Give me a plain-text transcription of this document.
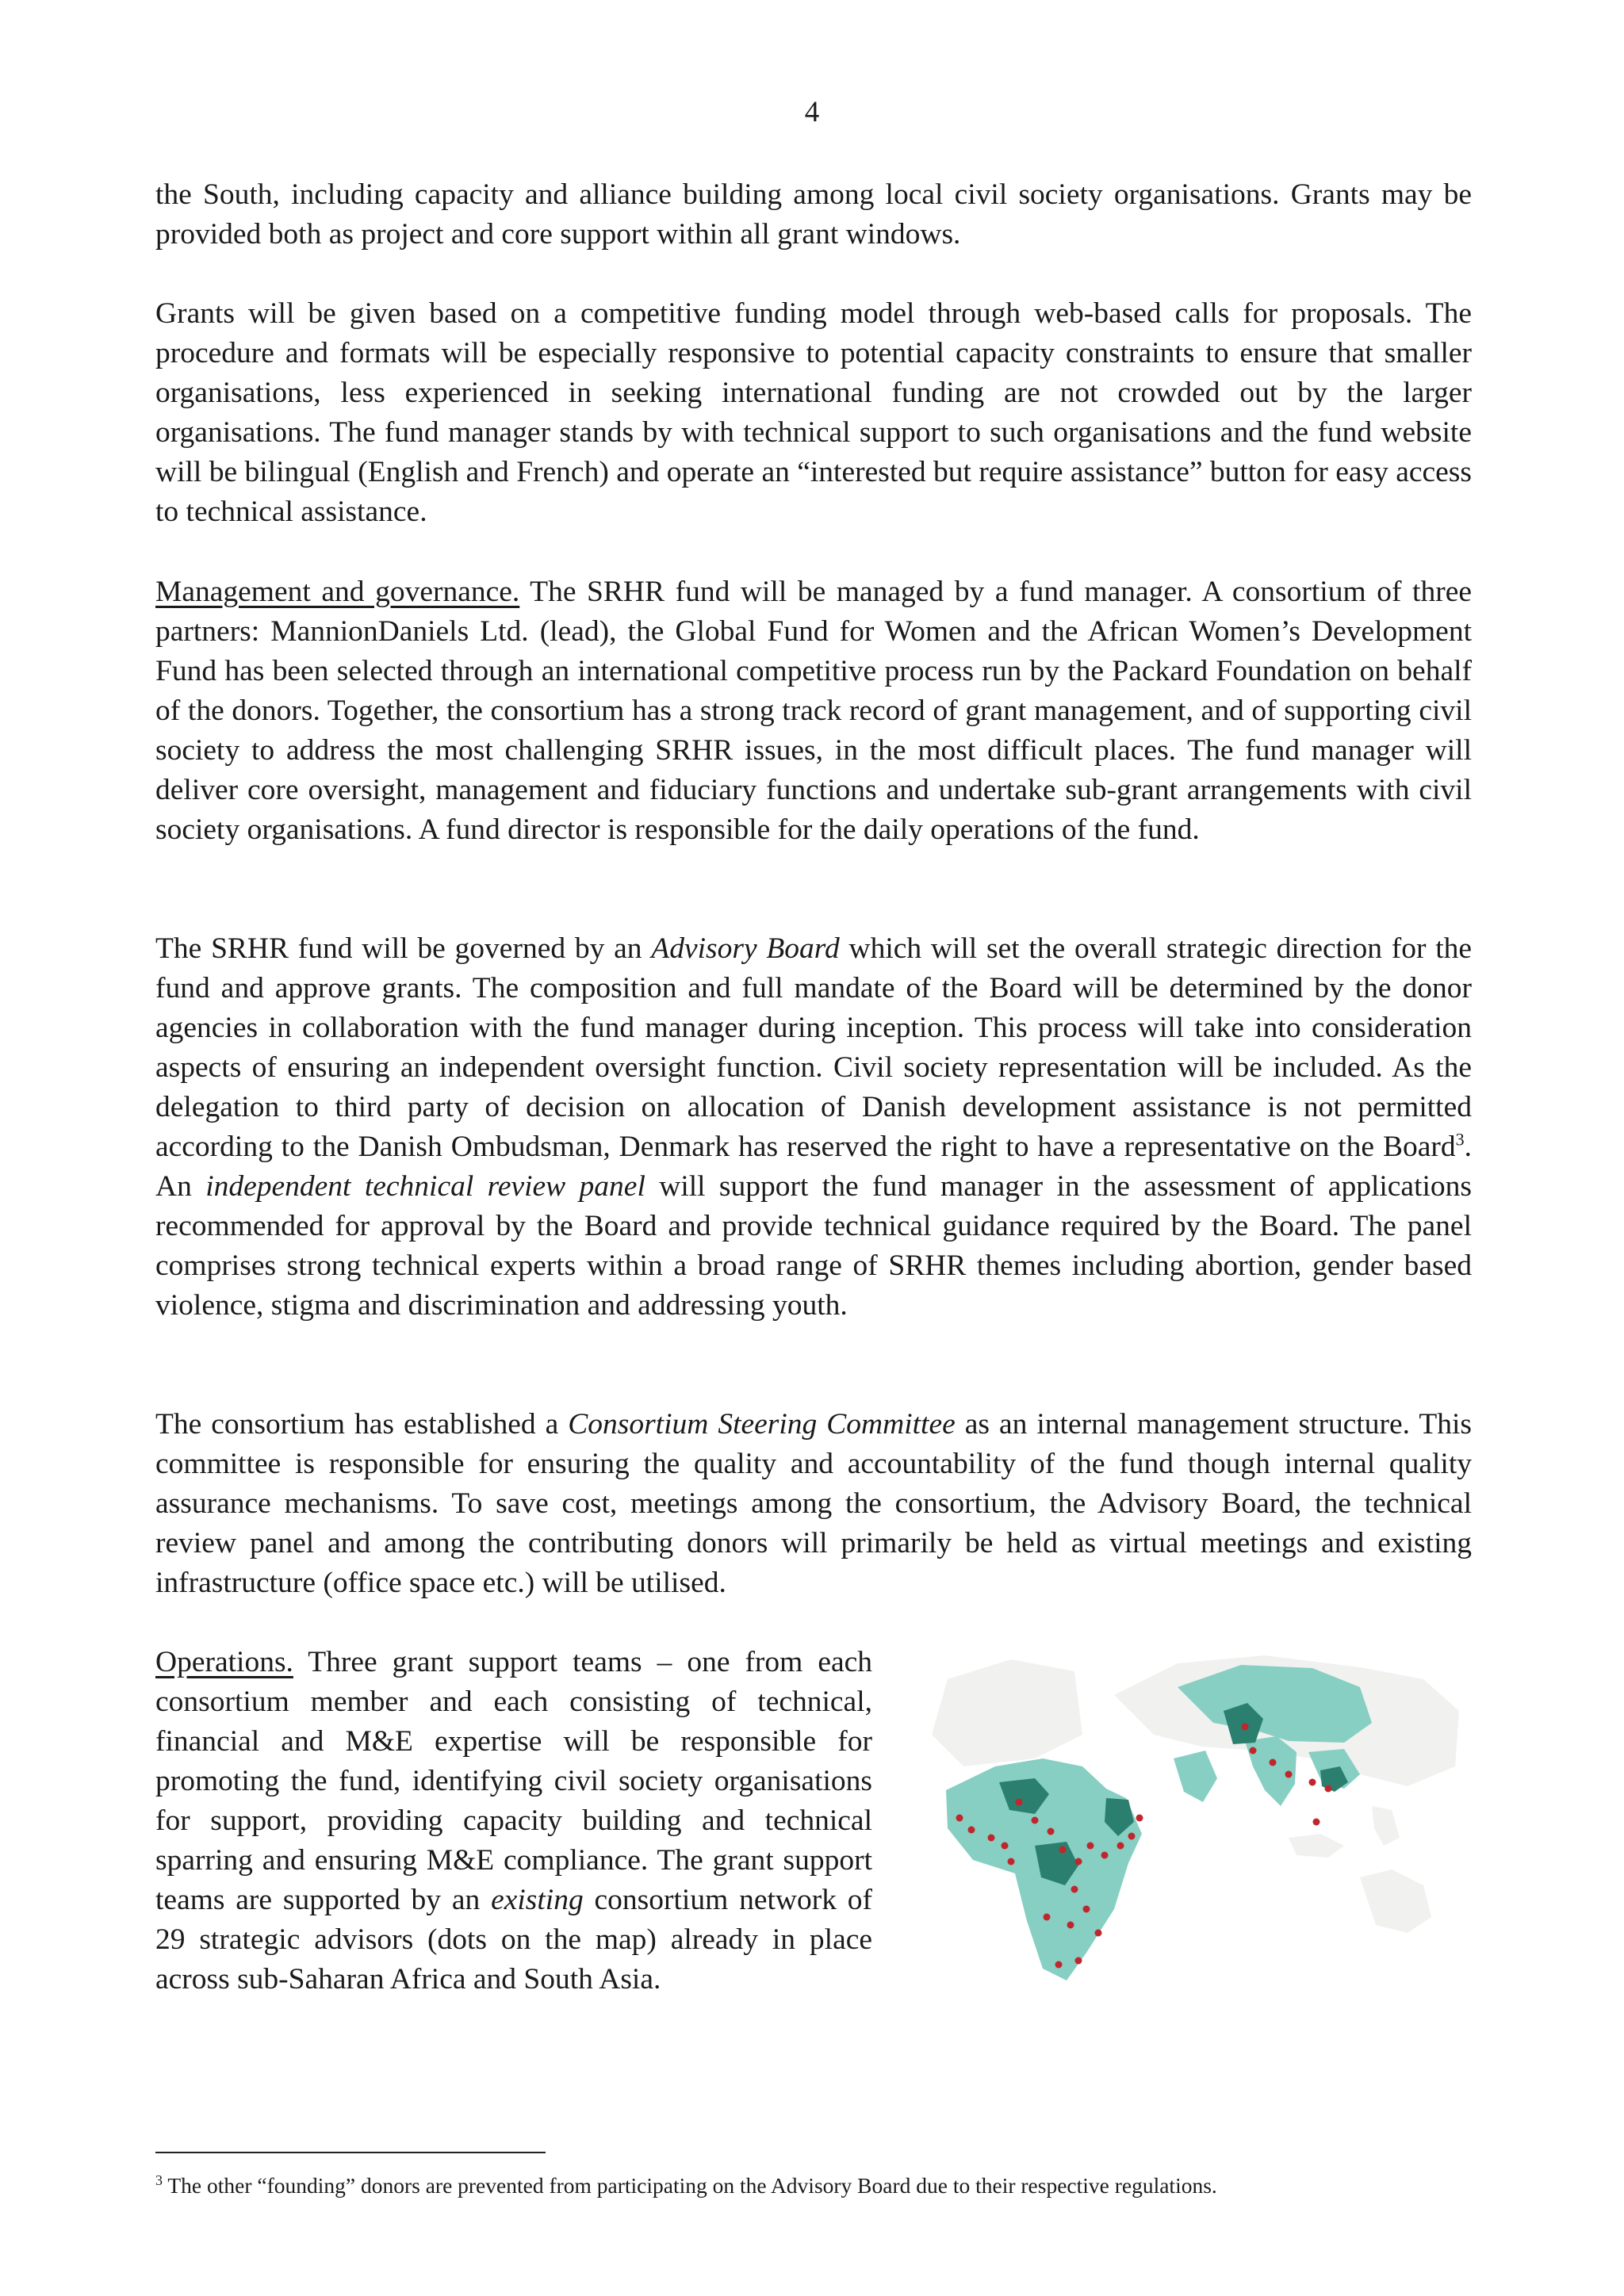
4

the South, including capacity and alliance building among local civil society organisations. Grants may be provided both as project and core support within all grant windows.

Grants will be given based on a competitive funding model through web-based calls for proposals. The procedure and formats will be especially responsive to potential capacity constraints to ensure that smaller organisations, less experienced in seeking international funding are not crowded out by the larger organisations. The fund manager stands by with technical support to such organisations and the fund website will be bilingual (English and French) and operate an “interested but require assistance” button for easy access to technical assistance.

Management and governance. The SRHR fund will be managed by a fund manager. A consortium of three partners: MannionDaniels Ltd. (lead), the Global Fund for Women and the African Women’s Development Fund has been selected through an international competitive process run by the Packard Foundation on behalf of the donors. Together, the consortium has a strong track record of grant management, and of supporting civil society to address the most challenging SRHR issues, in the most difficult places. The fund manager will deliver core oversight, management and fiduciary functions and undertake sub-grant arrangements with civil society organisations. A fund director is responsible for the daily operations of the fund.

The SRHR fund will be governed by an Advisory Board which will set the overall strategic direction for the fund and approve grants. The composition and full mandate of the Board will be determined by the donor agencies in collaboration with the fund manager during inception. This process will take into consideration aspects of ensuring an independent oversight function. Civil society representation will be included. As the delegation to third party of decision on allocation of Danish development assistance is not permitted according to the Danish Ombudsman, Denmark has reserved the right to have a representative on the Board$^3$. An independent technical review panel will support the fund manager in the assessment of applications recommended for approval by the Board and provide technical guidance required by the Board. The panel comprises strong technical experts within a broad range of SRHR themes including abortion, gender based violence, stigma and discrimination and addressing youth.

The consortium has established a Consortium Steering Committee as an internal management structure. This committee is responsible for ensuring the quality and accountability of the fund though internal quality assurance mechanisms. To save cost, meetings among the consortium, the Advisory Board, the technical review panel and among the contributing donors will primarily be held as virtual meetings and existing infrastructure (office space etc.) will be utilised.

Operations. Three grant support teams – one from each consortium member and each consisting of technical, financial and M&E expertise will be responsible for promoting the fund, identifying civil society organisations for support, providing capacity building and technical sparring and ensuring M&E compliance. The grant support teams are supported by an existing consortium network of 29 strategic advisors (dots on the map) already in place across sub-Saharan Africa and South Asia.

$^3$ The other “founding” donors are prevented from participating on the Advisory Board due to their respective regulations.
